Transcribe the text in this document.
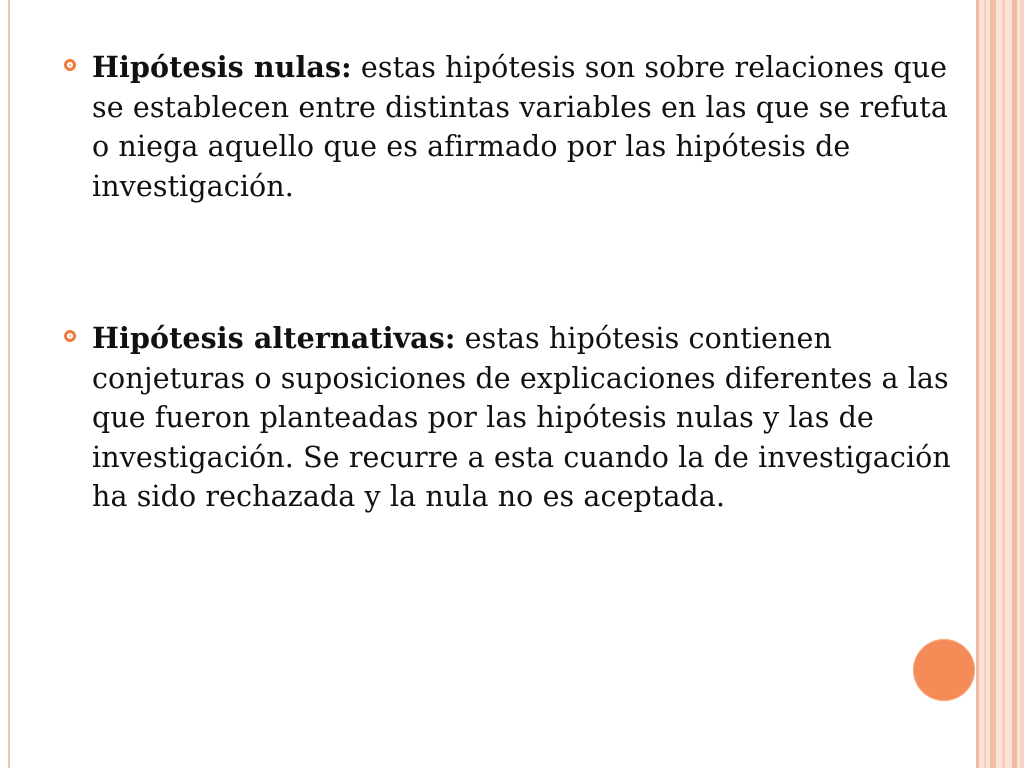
Hipótesis nulas: estas hipótesis son sobre relaciones que se establecen entre distintas variables en las que se refuta o niega aquello que es afirmado por las hipótesis de investigación.
Hipótesis alternativas: estas hipótesis contienen conjeturas o suposiciones de explicaciones diferentes a las que fueron planteadas por las hipótesis nulas y las de investigación. Se recurre a esta cuando la de investigación ha sido rechazada y la nula no es aceptada.
